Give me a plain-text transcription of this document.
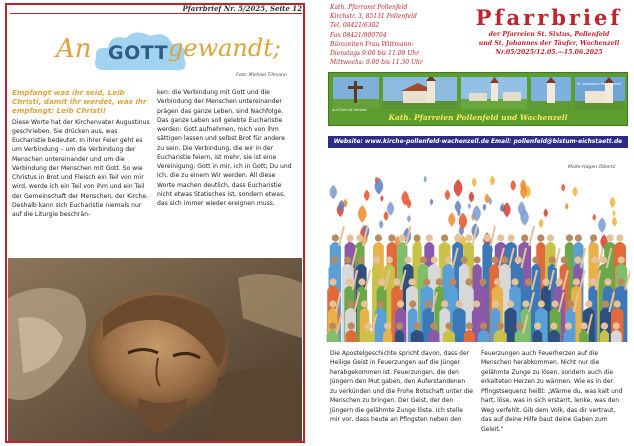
Pfarrbrief Nr. 5/2025, Seite 12
An GOTT gewandt;
Foto: Michael Tillmann

Empfangt was ihr seid, Leib Christi, damit ihr werdet, was ihr empfangt: Leib Christi!

Diese Worte hat der Kirchenvater Augustinus geschrieben. Sie drücken aus, was Eucharistie bedeutet. In ihrer Feier geht es um Verbindung – um die Verbindung der Menschen untereinander und um die Verbindung der Menschen mit Gott. So wie Christus in Brot und Fleisch ein Teil von mir wird, werde ich ein Teil von ihm und ein Teil der Gemeinschaft der Menschen, der Kirche. Deshalb kann sich Eucharistie niemals nur auf die Liturgie beschrän-

ken: die Verbindung mit Gott und die Verbindung der Menschen untereinander prägen das ganze Leben, sind Nachfolge. Das ganze Leben soll gelebte Eucharistie werden: Gott aufnehmen, mich von ihm sättigen lassen und selbst Brot für andere zu sein. Die Verbindung, die wir in der Eucharistie feiern, ist mehr, sie ist eine Vereinigung: Gott in mir, ich in Gott; Du und Ich, die zu einem Wir werden. All diese Worte machen deutlich, dass Eucharistie nicht etwas Statisches ist, sondern etwas, das sich immer wieder ereignen muss.

Kath. Pfarramt Pollenfeld
Kirchstr. 3, 85131 Pollenfeld
Tel. 08421/6302
Fax 08421/900704
Bürozeiten Frau Wittmann:
Dienstags 9:00 bis 11.00 Uhr
Mittwochs: 9.00 bis 11.30 Uhr
Pfarrbrief
der Pfarreien St. Sixtus, Pollenfeld
und St. Johannes der Täufer, Wachenzell
Nr.05/2025/12.05.—15.06.2025
St. Johannes Wachenzell
Auf Gott ist Verlass
Kath. Pfarreien Pollenfeld und Wachenzell
Website: www.kirche-pollenfeld-wachenzell.de Email: pollenfeld@bistum-eichstaett.de
Maite Hagen Olbertz

Die Apostelgeschichte spricht davon, dass der Heilige Geist in Feuerzungen auf die Jünger herabgekommen ist. Feuerzungen, die den Jüngern den Mut gaben, den Auferstandenen zu verkünden und die Frohe Botschaft unter die Menschen zu bringen. Der Geist, der den Jüngern die gelähmte Zunge löste. Ich stelle mir vor, dass heute an Pfingsten neben den

Feuerzungen auch Feuerherzen auf die Menschen herabkommen. Nicht nur die gelähmte Zunge zu lösen, sondern auch die erkalteten Herzen zu wärmen. Wie es in der Pfingstsequenz heißt: „Wärme du, was kalt und hart, löse, was in sich erstarrt, lenke, was den Weg verfehlt. Gib dem Volk, das dir vertraut, das auf deine Hilfe baut deine Gaben zum Geleit."
